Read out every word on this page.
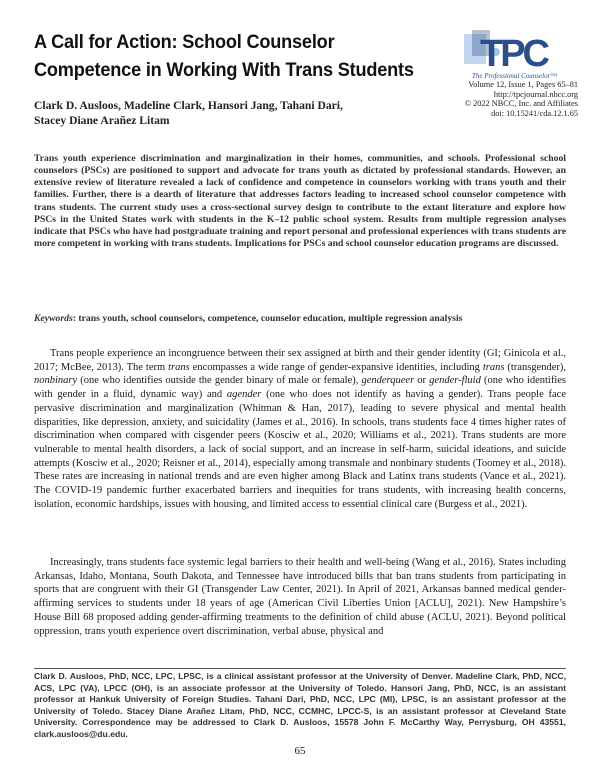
A Call for Action: School Counselor
Competence in Working With Trans Students TPC
The Professional Counselor™
Volume 12, Issue 1, Pages 65–81
http://tpcjournal.nbcc.org
© 2022 NBCC, Inc. and Affiliates
doi: 10.15241/cda.12.1.65
Clark D. Ausloos, Madeline Clark, Hansori Jang, Tahani Dari,
Stacey Diane Arañez Litam
Trans youth experience discrimination and marginalization in their homes, communities, and schools. Professional school counselors (PSCs) are positioned to support and advocate for trans youth as dictated by professional standards. However, an extensive review of literature revealed a lack of confidence and competence in counselors working with trans youth and their families. Further, there is a dearth of literature that addresses factors leading to increased school counselor competence with trans students. The current study uses a cross-sectional survey design to contribute to the extant literature and explore how PSCs in the United States work with students in the K–12 public school system. Results from multiple regression analyses indicate that PSCs who have had postgraduate training and report personal and professional experiences with trans students are more competent in working with trans students. Implications for PSCs and school counselor education programs are discussed.
Keywords: trans youth, school counselors, competence, counselor education, multiple regression analysis

Trans people experience an incongruence between their sex assigned at birth and their gender identity (GI; Ginicola et al., 2017; McBee, 2013). The term trans encompasses a wide range of gender-expansive identities, including trans (transgender), nonbinary (one who identifies outside the gender binary of male or female), genderqueer or gender-fluid (one who identifies with gender in a fluid, dynamic way) and agender (one who does not identify as having a gender). Trans people face pervasive discrimination and marginalization (Whitman & Han, 2017), leading to severe physical and mental health disparities, like depression, anxiety, and suicidality (James et al., 2016). In schools, trans students face 4 times higher rates of discrimination when compared with cisgender peers (Kosciw et al., 2020; Williams et al., 2021). Trans students are more vulnerable to mental health disorders, a lack of social support, and an increase in self-harm, suicidal ideations, and suicide attempts (Kosciw et al., 2020; Reisner et al., 2014), especially among transmale and nonbinary students (Toomey et al., 2018). These rates are increasing in national trends and are even higher among Black and Latinx trans students (Vance et al., 2021). The COVID-19 pandemic further exacerbated barriers and inequities for trans students, with increasing health concerns, isolation, economic hardships, issues with housing, and limited access to essential clinical care (Burgess et al., 2021).

Increasingly, trans students face systemic legal barriers to their health and well-being (Wang et al., 2016). States including Arkansas, Idaho, Montana, South Dakota, and Tennessee have introduced bills that ban trans students from participating in sports that are congruent with their GI (Transgender Law Center, 2021). In April of 2021, Arkansas banned medical gender-affirming services to students under 18 years of age (American Civil Liberties Union [ACLU], 2021). New Hampshire’s House Bill 68 proposed adding gender-affirming treatments to the definition of child abuse (ACLU, 2021). Beyond political oppression, trans youth experience overt discrimination, verbal abuse, physical and

Clark D. Ausloos, PhD, NCC, LPC, LPSC, is a clinical assistant professor at the University of Denver. Madeline Clark, PhD, NCC, ACS, LPC (VA), LPCC (OH), is an associate professor at the University of Toledo. Hansori Jang, PhD, NCC, is an assistant professor at Hankuk University of Foreign Studies. Tahani Dari, PhD, NCC, LPC (MI), LPSC, is an assistant professor at the University of Toledo. Stacey Diane Arañez Litam, PhD, NCC, CCMHC, LPCC-S, is an assistant professor at Cleveland State University. Correspondence may be addressed to Clark D. Ausloos, 15578 John F. McCarthy Way, Perrysburg, OH 43551, clark.ausloos@du.edu.
65
